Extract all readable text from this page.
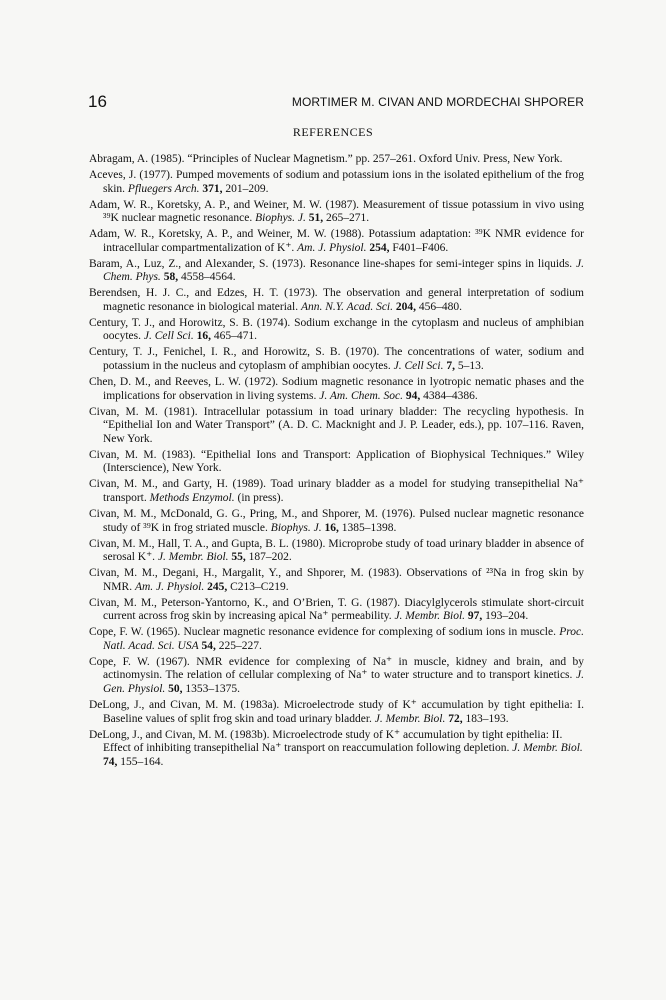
16	MORTIMER M. CIVAN AND MORDECHAI SHPORER
REFERENCES
Abragam, A. (1985). “Principles of Nuclear Magnetism.” pp. 257–261. Oxford Univ. Press, New York.
Aceves, J. (1977). Pumped movements of sodium and potassium ions in the isolated epithelium of the frog skin. Pfluegers Arch. 371, 201–209.
Adam, W. R., Koretsky, A. P., and Weiner, M. W. (1987). Measurement of tissue potassium in vivo using ³⁹K nuclear magnetic resonance. Biophys. J. 51, 265–271.
Adam, W. R., Koretsky, A. P., and Weiner, M. W. (1988). Potassium adaptation: ³⁹K NMR evidence for intracellular compartmentalization of K⁺. Am. J. Physiol. 254, F401–F406.
Baram, A., Luz, Z., and Alexander, S. (1973). Resonance line-shapes for semi-integer spins in liquids. J. Chem. Phys. 58, 4558–4564.
Berendsen, H. J. C., and Edzes, H. T. (1973). The observation and general interpretation of sodium magnetic resonance in biological material. Ann. N.Y. Acad. Sci. 204, 456–480.
Century, T. J., and Horowitz, S. B. (1974). Sodium exchange in the cytoplasm and nucleus of amphibian oocytes. J. Cell Sci. 16, 465–471.
Century, T. J., Fenichel, I. R., and Horowitz, S. B. (1970). The concentrations of water, sodium and potassium in the nucleus and cytoplasm of amphibian oocytes. J. Cell Sci. 7, 5–13.
Chen, D. M., and Reeves, L. W. (1972). Sodium magnetic resonance in lyotropic nematic phases and the implications for observation in living systems. J. Am. Chem. Soc. 94, 4384–4386.
Civan, M. M. (1981). Intracellular potassium in toad urinary bladder: The recycling hypothesis. In “Epithelial Ion and Water Transport” (A. D. C. Macknight and J. P. Leader, eds.), pp. 107–116. Raven, New York.
Civan, M. M. (1983). “Epithelial Ions and Transport: Application of Biophysical Techniques.” Wiley (Interscience), New York.
Civan, M. M., and Garty, H. (1989). Toad urinary bladder as a model for studying transepithelial Na⁺ transport. Methods Enzymol. (in press).
Civan, M. M., McDonald, G. G., Pring, M., and Shporer, M. (1976). Pulsed nuclear magnetic resonance study of ³⁹K in frog striated muscle. Biophys. J. 16, 1385–1398.
Civan, M. M., Hall, T. A., and Gupta, B. L. (1980). Microprobe study of toad urinary bladder in absence of serosal K⁺. J. Membr. Biol. 55, 187–202.
Civan, M. M., Degani, H., Margalit, Y., and Shporer, M. (1983). Observations of ²³Na in frog skin by NMR. Am. J. Physiol. 245, C213–C219.
Civan, M. M., Peterson-Yantorno, K., and O’Brien, T. G. (1987). Diacylglycerols stimulate short-circuit current across frog skin by increasing apical Na⁺ permeability. J. Membr. Biol. 97, 193–204.
Cope, F. W. (1965). Nuclear magnetic resonance evidence for complexing of sodium ions in muscle. Proc. Natl. Acad. Sci. USA 54, 225–227.
Cope, F. W. (1967). NMR evidence for complexing of Na⁺ in muscle, kidney and brain, and by actinomysin. The relation of cellular complexing of Na⁺ to water structure and to transport kinetics. J. Gen. Physiol. 50, 1353–1375.
DeLong, J., and Civan, M. M. (1983a). Microelectrode study of K⁺ accumulation by tight epithelia: I. Baseline values of split frog skin and toad urinary bladder. J. Membr. Biol. 72, 183–193.
DeLong, J., and Civan, M. M. (1983b). Microelectrode study of K⁺ accumulation by tight epithelia: II. Effect of inhibiting transepithelial Na⁺ transport on reaccumulation following depletion. J. Membr. Biol. 74, 155–164.
